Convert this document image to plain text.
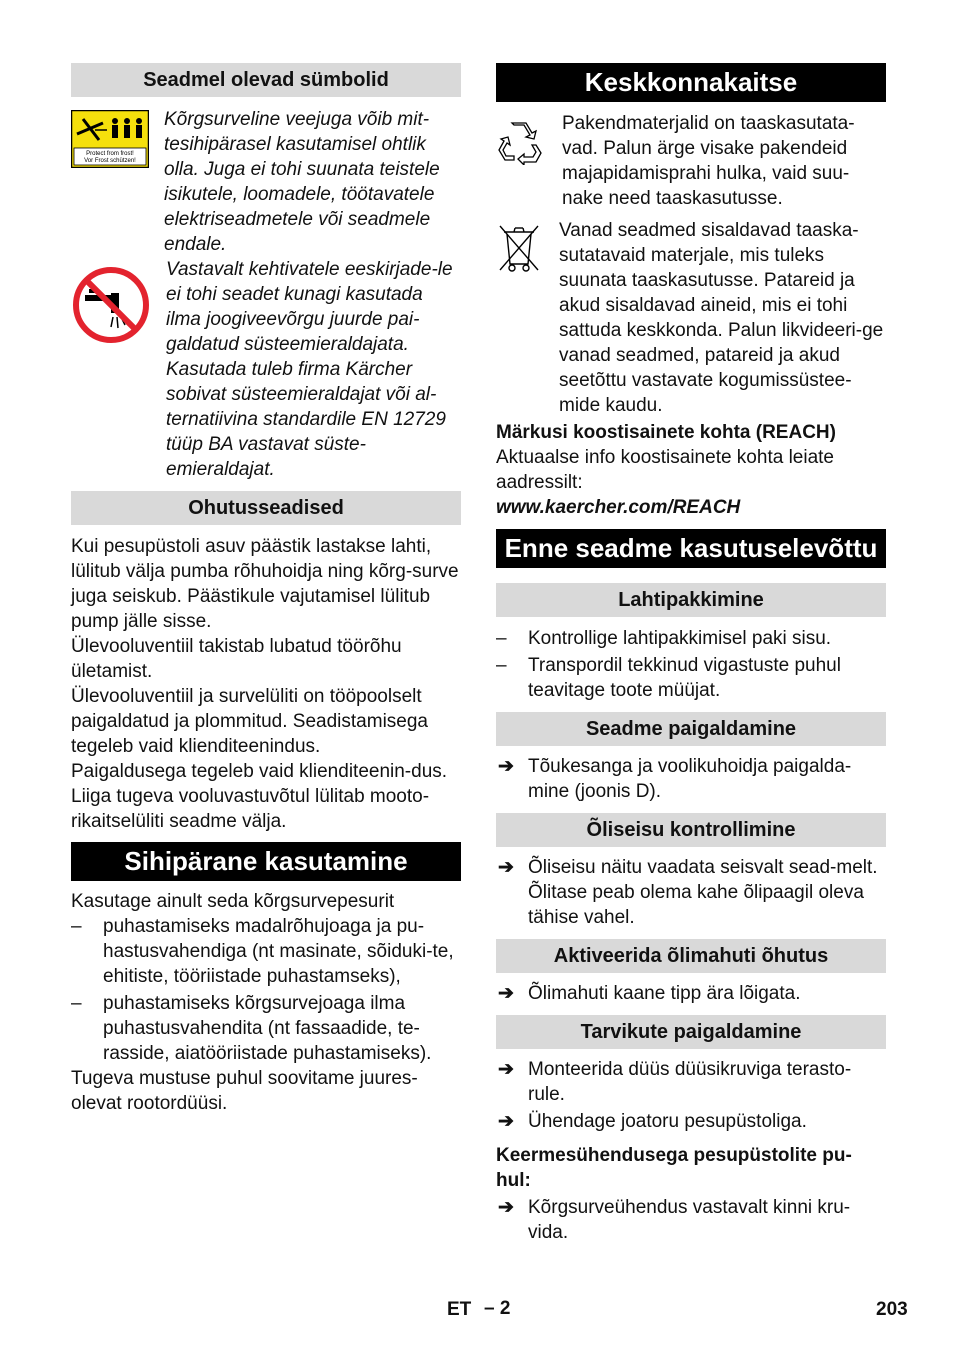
Seadmel olevad sümbolid
Protect from frost!
Vor Frost schützen!

Kõrgsurveline veejuga võib mit-tesihipärasel kasutamisel ohtlik olla. Juga ei tohi suunata teistele isikutele, loomadele, töötavatele elektriseadmetele või seadmele endale.

Vastavalt kehtivatele eeskirjade-le ei tohi seadet kunagi kasutada ilma joogiveevõrgu juurde pai-galdatud süsteemieraldajata. Kasutada tuleb firma Kärcher sobivat süsteemieraldajat või al-ternatiivina standardile EN 12729 tüüp BA vastavat süste-emieraldajat.

Ohutusseadised

Kui pesupüstoli asuv päästik lastakse lahti, lülitub välja pumba rõhuhoidja ning kõrg-surve juga seiskub. Päästikule vajutamisel lülitub pump jälle sisse.

Ülevooluventiil takistab lubatud töörõhu ületamist.

Ülevooluventiil ja survelüliti on tööpoolselt paigaldatud ja plommitud. Seadistamisega tegeleb vaid klienditeenindus.

Paigaldusega tegeleb vaid klienditeenin-dus.

Liiga tugeva vooluvastuvõtul lülitab mooto-rikaitselüliti seadme välja.

Sihipärane kasutamine

Kasutage ainult seda kõrgsurvepesurit

– puhastamiseks madalrõhujoaga ja pu-hastusvahendiga (nt masinate, sõiduki-te, ehitiste, tööriistade puhastamseks),
– puhastamiseks kõrgsurvejoaga ilma puhastusvahendita (nt fassaadide, te-rasside, aiatööriistade puhastamiseks).

Tugeva mustuse puhul soovitame juures-olevat rootordüüsi.

Keskkonnakaitse

Pakendmaterjalid on taaskasutata-vad. Palun ärge visake pakendeid majapidamisprahi hulka, vaid suu-nake need taaskasutusse.

Vanad seadmed sisaldavad taaska-sutatavaid materjale, mis tuleks suunata taaskasutusse. Patareid ja akud sisaldavad aineid, mis ei tohi sattuda keskkonda. Palun likvideeri-ge vanad seadmed, patareid ja akud seetõttu vastavate kogumissüstee-mide kaudu.

Märkusi koostisainete kohta (REACH)

Aktuaalse info koostisainete kohta leiate aadressilt:

www.kaercher.com/REACH

Enne seadme kasutuselevõttu
Lahtipakkimine
– Kontrollige lahtipakkimisel paki sisu.
– Transpordil tekkinud vigastuste puhul teavitage toote müüjat.
Seadme paigaldamine
➔ Tõukesanga ja voolikuhoidja paigalda-mine (joonis D).
Õliseisu kontrollimine
➔ Õliseisu näitu vaadata seisvalt sead-melt. Õlitase peab olema kahe õlipaagil oleva tähise vahel.
Aktiveerida õlimahuti õhutus
➔ Õlimahuti kaane tipp ära lõigata.
Tarvikute paigaldamine
➔ Monteerida düüs düüsikruviga terasto-rule.
➔ Ühendage joatoru pesupüstoliga.

Keermesühendusega pesupüstolite pu-hul:

➔ Kõrgsurveühendus vastavalt kinni kru-vida.
ET – 2	203
